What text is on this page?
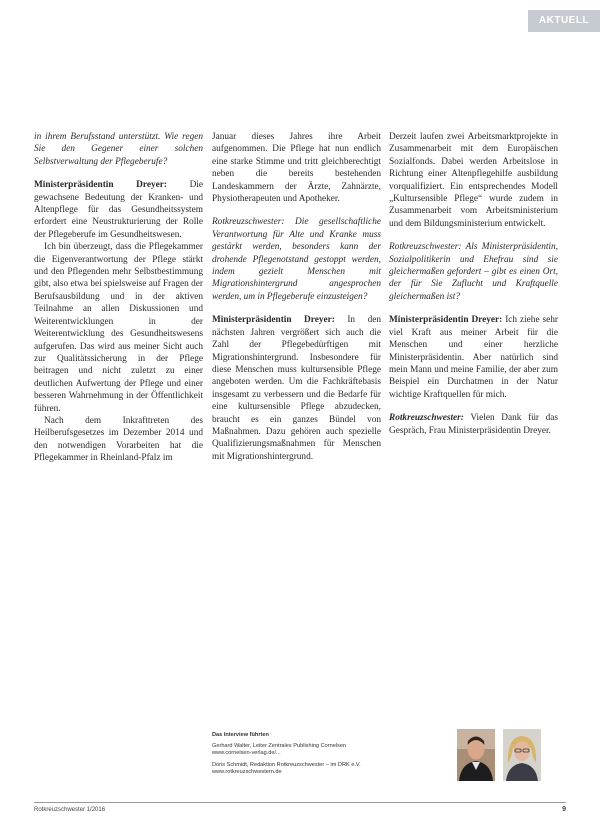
AKTUELL

in ihrem Berufsstand unterstützt. Wie regen Sie den Gegener einer solchen Selbstverwaltung der Pflegeberufe?

Ministerpräsidentin Dreyer: Die gewachsene Bedeutung der Kranken- und Altenpflege für das Gesundheitssystem erfordert eine Neustrukturierung der Rolle der Pflegeberufe im Gesundheitswesen.

Ich bin überzeugt, dass die Pflegekammer die Eigenverantwortung der Pflege stärkt und den Pflegenden mehr Selbstbestimmung gibt, also etwa bei spielsweise auf Fragen der Berufsausbildung und in der aktiven Teilnahme an allen Diskussionen und Weiterentwicklungen in der Weiterentwicklung des Gesundheitswesens aufgerufen. Das wird aus meiner Sicht auch zur Qualitätssicherung in der Pflege beitragen und nicht zuletzt zu einer deutlichen Aufwertung der Pflege und einer besseren Wahrnehmung in der Öffentlichkeit führen.

Nach dem Inkrafttreten des Heilberufsgesetzes im Dezember 2014 und den notwendigen Vorarbeiten hat die Pflegekammer in Rheinland-Pfalz im

Januar dieses Jahres ihre Arbeit aufgenommen. Die Pflege hat nun endlich eine starke Stimme und tritt gleichberechtigt neben die bereits bestehenden Landeskammern der Ärzte, Zahnärzte, Physiotherapeuten und Apotheker.

Rotkreuzschwester: Die gesellschaftliche Verantwortung für Alte und Kranke muss gestärkt werden, besonders kann der drohende Pflegenotstand gestoppt werden, indem gezielt Menschen mit Migrationshintergrund angesprochen werden, um in Pflegeberufe einzusteigen?

Ministerpräsidentin Dreyer: In den nächsten Jahren vergrößert sich auch die Zahl der Pflegebedürftigen mit Migrationshintergrund. Insbesondere für diese Menschen muss kultursensible Pflege angeboten werden. Um die Fachkräftebasis insgesamt zu verbessern und die Bedarfe für eine kultursensible Pflege abzudecken, braucht es ein ganzes Bündel von Maßnahmen. Dazu gehören auch spezielle Qualifizierungsmaßnahmen für Menschen mit Migrationshintergrund.

Derzeit laufen zwei Arbeitsmarktprojekte in Zusammenarbeit mit dem Europäischen Sozialfonds. Dabei werden Arbeitslose in Richtung einer Altenpflegehilfe ausbildung vorqualifiziert. Ein entsprechendes Modell „Kultursensible Pflege“ wurde zudem in Zusammenarbeit vom Arbeitsministerium und dem Bildungsministerium entwickelt.

Rotkreuzschwester: Als Ministerpräsidentin, Sozialpolitikerin und Ehefrau sind sie gleichermaßen gefordert – gibt es einen Ort, der für Sie Zuflucht und Kraftquelle gleichermaßen ist?

Ministerpräsidentin Dreyer: Ich ziehe sehr viel Kraft aus meiner Arbeit für die Menschen und einer herzliche Ministerpräsidentin. Aber natürlich sind mein Mann und meine Familie, der aber zum Beispiel ein Durchatmen in der Natur wichtige Kraftquellen für mich.

Rotkreuzschwester: Vielen Dank für das Gespräch, Frau Ministerpräsidentin Dreyer.

Das Interview führten
Gerhard Walter, Leiter Zentrales Publishing Cornelsen
www.cornelsen-verlag.de/...
Doris Schmidt, Redaktion Rotkreuzschwester – im DRK e.V.
www.rotkreuzschwestern.de
Rotkreuzschwester 1/2016	9
